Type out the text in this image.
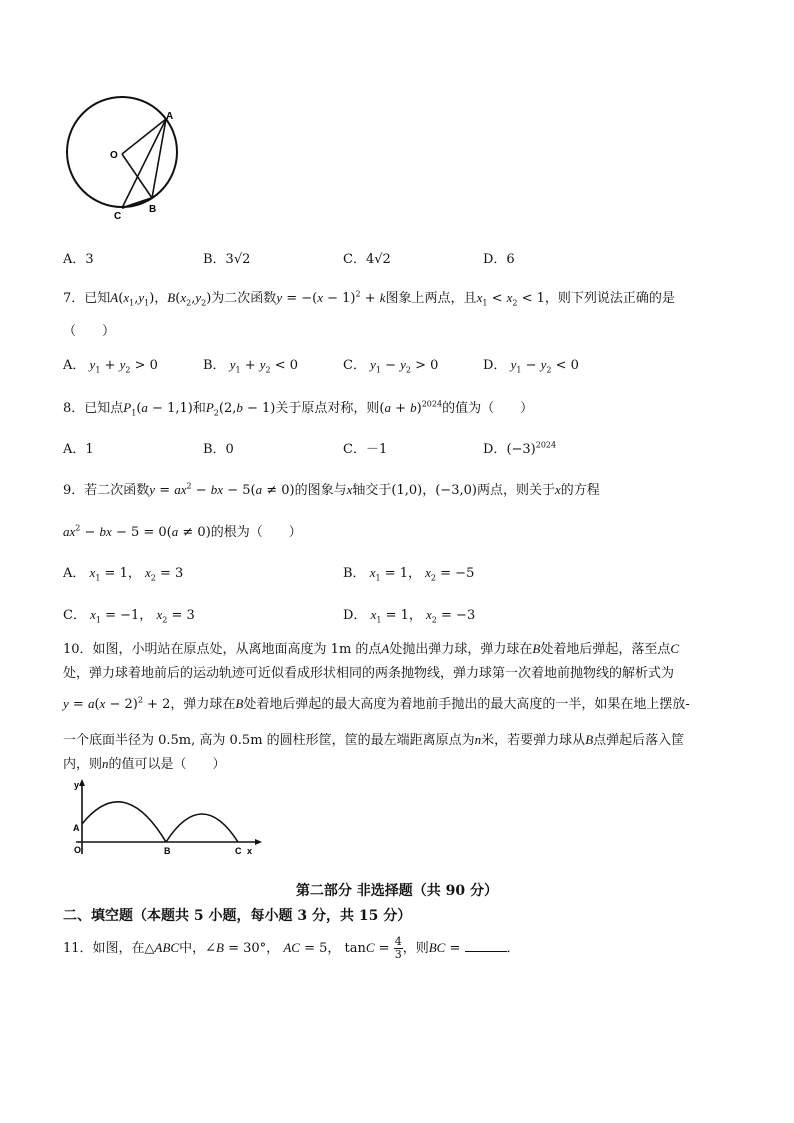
O
A
B
C
A．3	B．3√2	C．4√2	D．6
7．已知$A(x_1,y_1)$，$B(x_2,y_2)$为二次函数$y = -(x - 1)^2 + k$图象上两点，且$x_1 < x_2 < 1$，则下列说法正确的是
（　　）
A． $y_1 + y_2 > 0$	B． $y_1 + y_2 < 0$	C． $y_1 - y_2 > 0$	D． $y_1 - y_2 < 0$
8．已知点$P_1(a - 1,1)$和$P_2(2,b - 1)$关于原点对称，则$(a + b)^{2024}$的值为（　　）
A．1	B．0	C．－1	D．$(-3)^{2024}$
9．若二次函数$y = ax^2$ − bx − 5(a ≠ 0)的图象与x轴交于(1,0)，(−3,0)两点，则关于x的方程
$ax^2$ − bx − 5 = 0(a ≠ 0)的根为（　　）
A． $x_1 = 1$， $x_2 = 3$	B． $x_1 = 1$， $x_2 = -5$
C． $x_1 = -1$， $x_2 = 3$	D． $x_1 = 1$， $x_2 = -3$
10．如图，小明站在原点处，从离地面高度为 1m 的点A处抛出弹力球，弹力球在B处着地后弹起，落至点C
处，弹力球着地前后的运动轨迹可近似看成形状相同的两条抛物线，弹力球第一次着地前抛物线的解析式为
$y = a(x - 2)^2 + 2$，弹力球在B处着地后弹起的最大高度为着地前手抛出的最大高度的一半，如果在地上摆放-
一个底面半径为 0.5m, 高为 0.5m 的圆柱形筐，筐的最左端距离原点为n米，若要弹力球从B点弹起后落入筐
内，则n的值可以是（　　）
y
A
O	B	C x
第二部分 非选择题（共 90 分）
二、填空题（本题共 5 小题，每小题 3 分，共 15 分）
11．如图，在△ABC中，∠B = 30°， AC = 5， $\tan C = \frac{4}{3}$ ，则BC =	．
